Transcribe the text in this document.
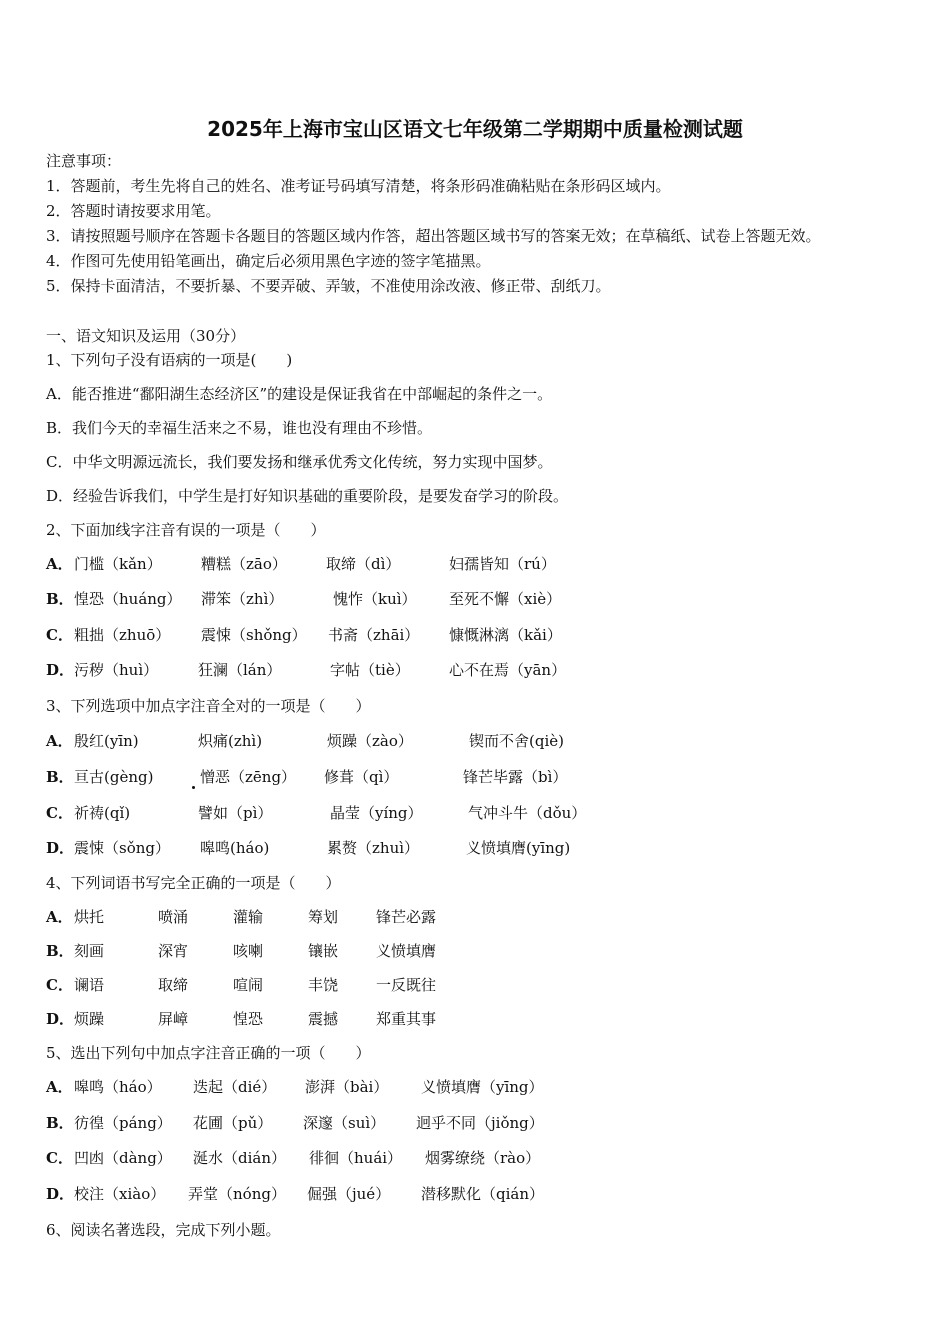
2025年上海市宝山区语文七年级第二学期期中质量检测试题
注意事项：
1．答题前，考生先将自己的姓名、准考证号码填写清楚，将条形码准确粘贴在条形码区域内。
2．答题时请按要求用笔。
3．请按照题号顺序在答题卡各题目的答题区域内作答，超出答题区域书写的答案无效；在草稿纸、试卷上答题无效。
4．作图可先使用铅笔画出，确定后必须用黑色字迹的签字笔描黑。
5．保持卡面清洁，不要折暴、不要弄破、弄皱，不准使用涂改液、修正带、刮纸刀。
一、语文知识及运用（30分）
1、下列句子没有语病的一项是(　　)
A．能否推进“鄱阳湖生态经济区”的建设是保证我省在中部崛起的条件之一。
B．我们今天的幸福生活来之不易，谁也没有理由不珍惜。
C．中华文明源远流长，我们要发扬和继承优秀文化传统，努力实现中国梦。
D．经验告诉我们，中学生是打好知识基础的重要阶段，是要发奋学习的阶段。
2、下面加线字注音有误的一项是（　　）
A． 门槛（kǎn）	糟糕（zāo）	取缔（dì）	妇孺皆知（rú）
B． 惶恐（huáng） 滞笨（zhì）	愧怍（kuì） 至死不懈（xiè）
C． 粗拙（zhuō） 震悚（shǒng） 书斋（zhāi） 慷慨淋漓（kǎi）
D． 污秽（huì）	狂澜（lán）	字帖（tiè）	心不在焉（yān）
3、下列选项中加点字注音全对的一项是（　　）
A． 殷红(yīn)	炽痛(zhì)	烦躁（zào）	锲而不舍(qiè)
B． 亘古(gèng)	憎恶（zēng） 修葺（qì）	锋芒毕露（bì）
C． 祈祷(qǐ)	譬如（pì）	晶莹（yíng）	气冲斗牛（dǒu）
D． 震悚（sǒng） 嗥鸣(háo)	累赘（zhuì）	义愤填膺(yīng)
4、下列词语书写完全正确的一项是（　　）
A． 烘托	喷涌	灌输	筹划	锋芒必露
B． 刻画	深宵	咳喇	镶嵌	义愤填膺
C． 谰语	取缔	喧闹	丰饶	一反既往
D． 烦躁	屏嶂	惶恐	震撼	郑重其事
5、选出下列句中加点字注音正确的一项（　　）
A． 嗥鸣（háo） 迭起（dié） 澎湃（bài） 义愤填膺（yīng）
B． 彷徨（páng） 花圃（pǔ） 深邃（suì） 迥乎不同（jiǒng）
C． 凹凼（dàng） 涎水（dián） 徘徊（huái） 烟雾缭绕（rào）
D． 校注（xiào） 弄堂（nóng） 倔强（jué） 潜移默化（qián）
6、阅读名著选段，完成下列小题。
